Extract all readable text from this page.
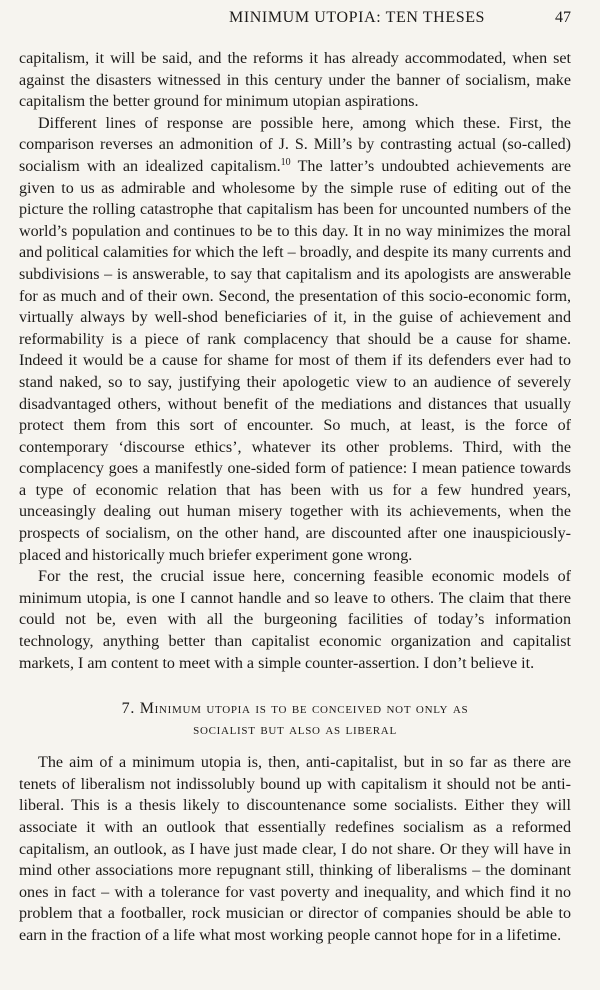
MINIMUM UTOPIA: TEN THESES	47

capitalism, it will be said, and the reforms it has already accommodated, when set against the disasters witnessed in this century under the banner of socialism, make capitalism the better ground for minimum utopian aspirations.

Different lines of response are possible here, among which these. First, the comparison reverses an admonition of J. S. Mill’s by contrasting actual (so-called) socialism with an idealized capitalism.$^{10}$ The latter’s undoubted achievements are given to us as admirable and wholesome by the simple ruse of editing out of the picture the rolling catastrophe that capitalism has been for uncounted numbers of the world’s population and continues to be to this day. It in no way minimizes the moral and political calamities for which the left – broadly, and despite its many currents and subdivisions – is answerable, to say that capitalism and its apologists are answerable for as much and of their own. Second, the presentation of this socio-economic form, virtually always by well-shod beneficiaries of it, in the guise of achievement and reformability is a piece of rank complacency that should be a cause for shame. Indeed it would be a cause for shame for most of them if its defenders ever had to stand naked, so to say, justifying their apologetic view to an audience of severely disadvantaged others, without benefit of the mediations and distances that usually protect them from this sort of encounter. So much, at least, is the force of contemporary ‘discourse ethics’, whatever its other problems. Third, with the complacency goes a manifestly one-sided form of patience: I mean patience towards a type of economic relation that has been with us for a few hundred years, unceasingly dealing out human misery together with its achievements, when the prospects of socialism, on the other hand, are discounted after one inauspiciously-placed and historically much briefer experiment gone wrong.

For the rest, the crucial issue here, concerning feasible economic models of minimum utopia, is one I cannot handle and so leave to others. The claim that there could not be, even with all the burgeoning facilities of today’s information technology, anything better than capitalist economic organization and capitalist markets, I am content to meet with a simple counter-assertion. I don’t believe it.

7. Minimum utopia is to be conceived not only as
socialist but also as liberal

The aim of a minimum utopia is, then, anti-capitalist, but in so far as there are tenets of liberalism not indissolubly bound up with capitalism it should not be anti-liberal. This is a thesis likely to discountenance some socialists. Either they will associate it with an outlook that essentially redefines socialism as a reformed capitalism, an outlook, as I have just made clear, I do not share. Or they will have in mind other associations more repugnant still, thinking of liberalisms – the dominant ones in fact – with a tolerance for vast poverty and inequality, and which find it no problem that a footballer, rock musician or director of companies should be able to earn in the fraction of a life what most working people cannot hope for in a lifetime.
